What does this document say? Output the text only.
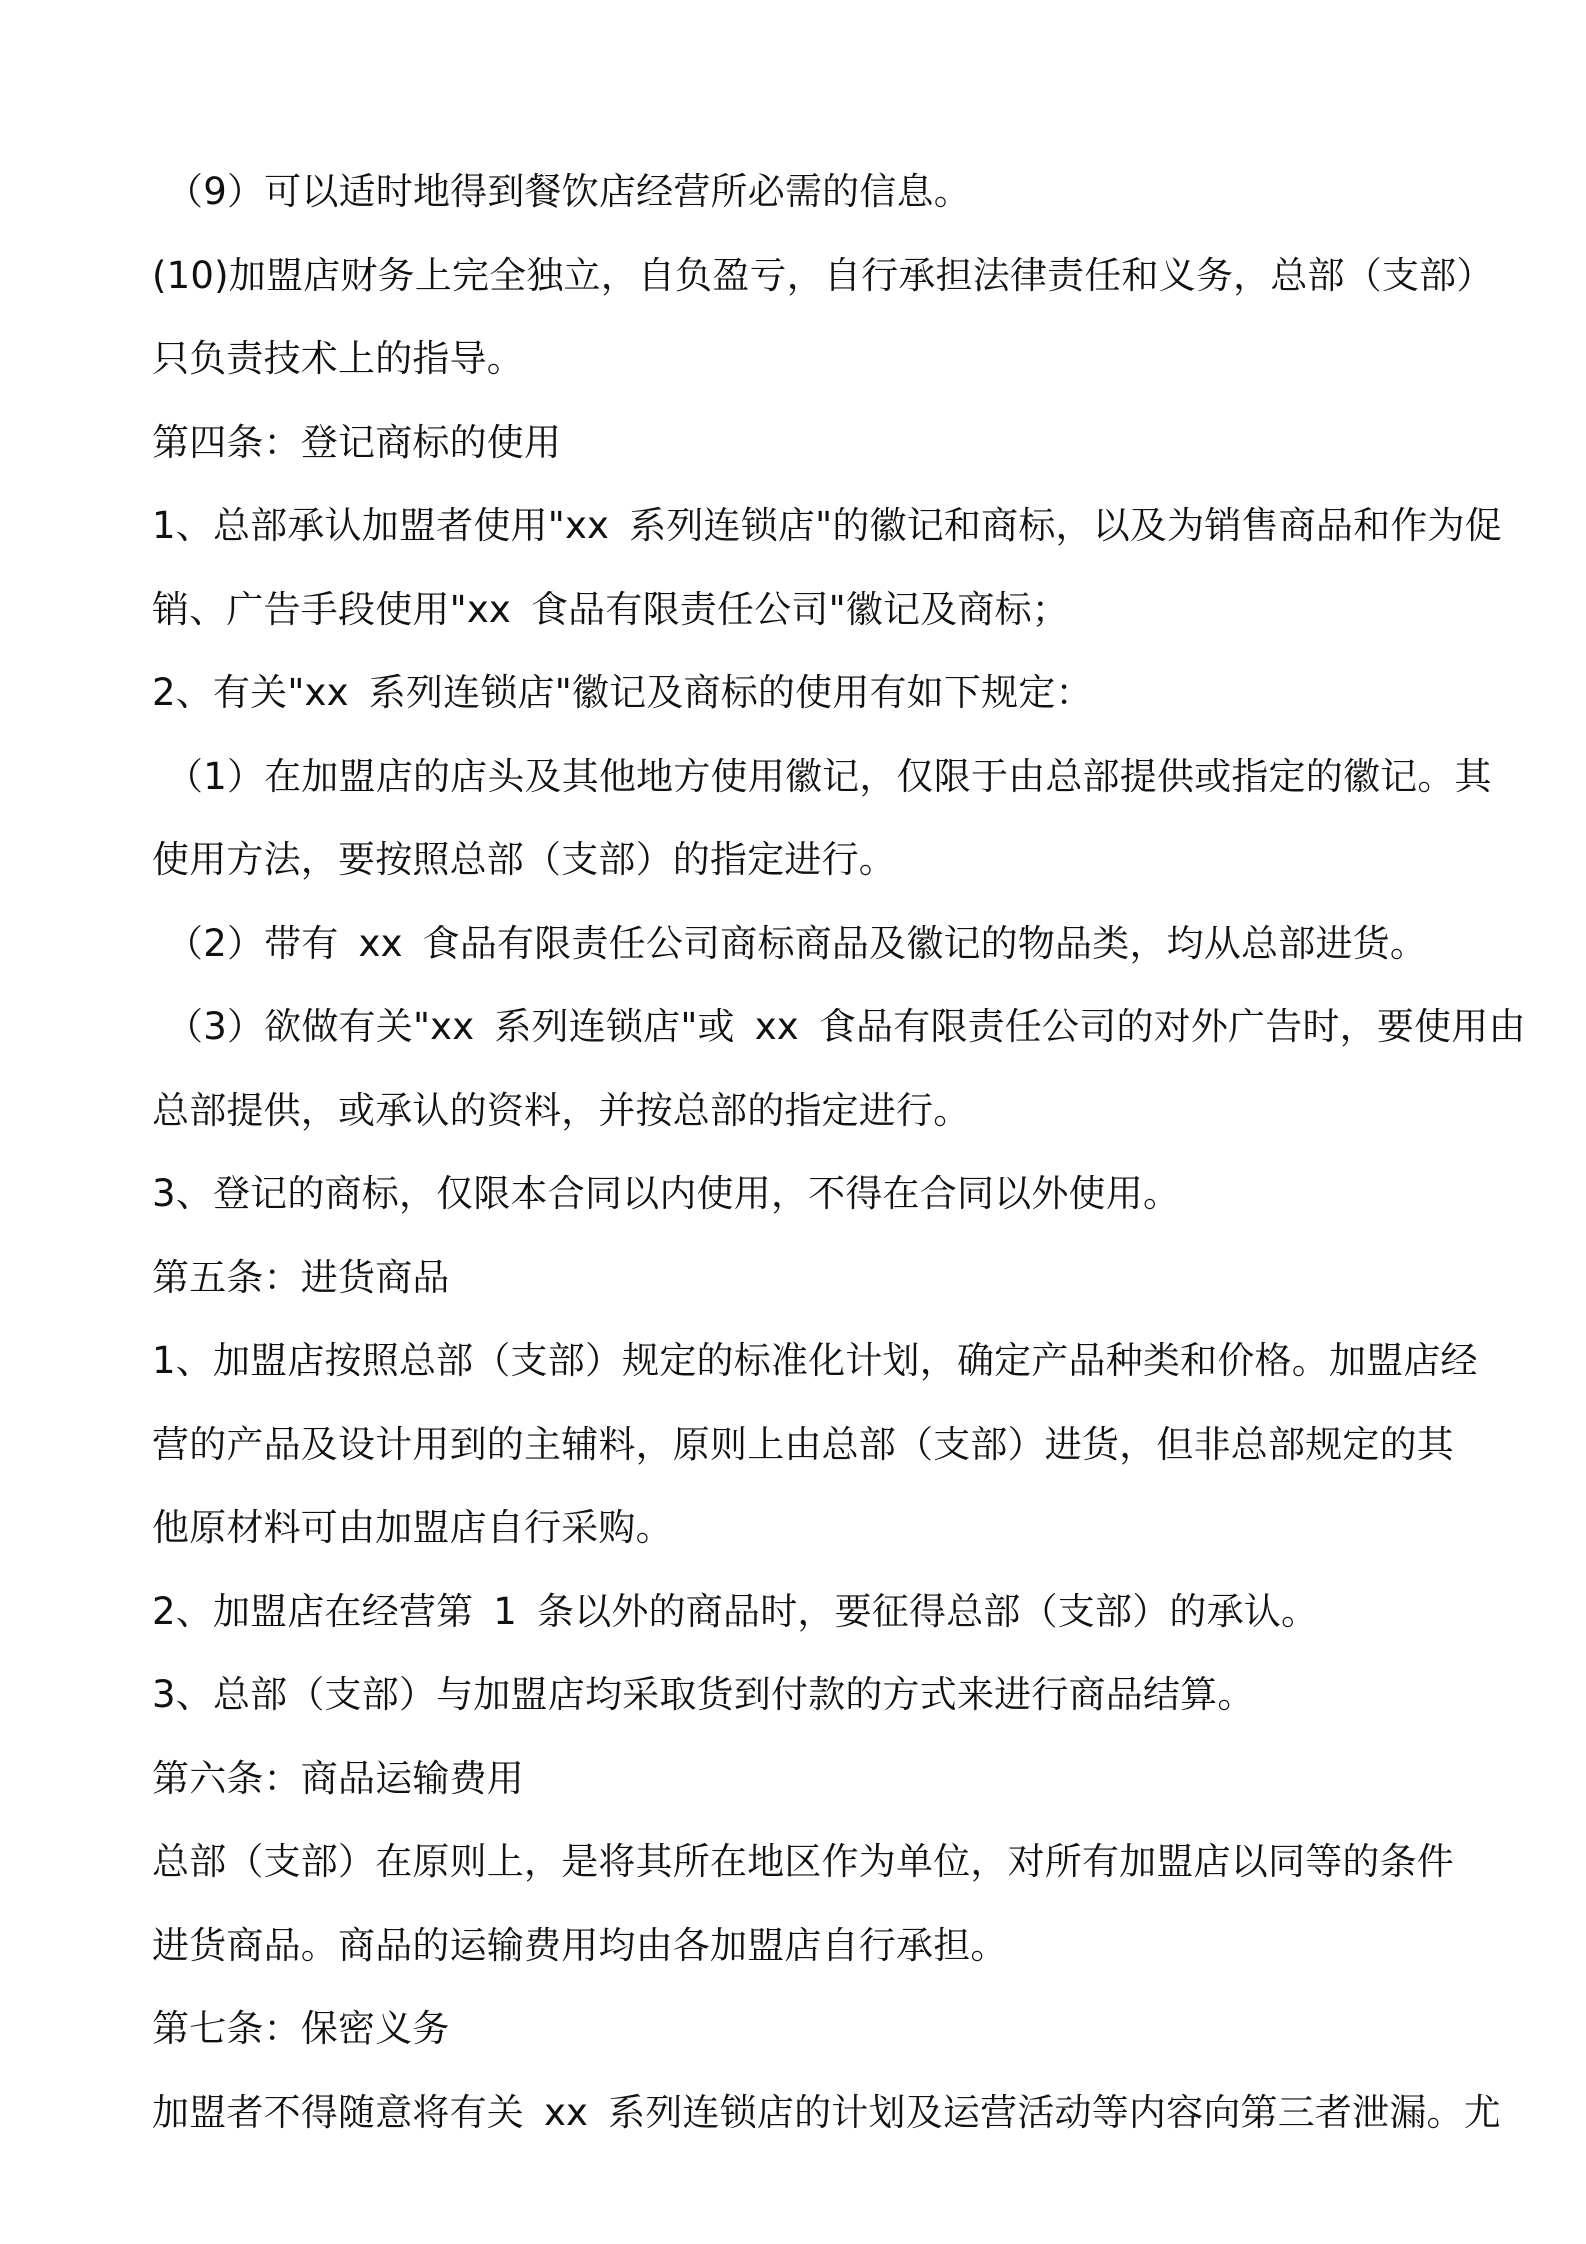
（9）可以适时地得到餐饮店经营所必需的信息。
(10)加盟店财务上完全独立，自负盈亏，自行承担法律责任和义务，总部（支部）
只负责技术上的指导。
第四条：登记商标的使用
1、总部承认加盟者使用"xx 系列连锁店"的徽记和商标，以及为销售商品和作为促
销、广告手段使用"xx 食品有限责任公司"徽记及商标；
2、有关"xx 系列连锁店"徽记及商标的使用有如下规定：
（1）在加盟店的店头及其他地方使用徽记，仅限于由总部提供或指定的徽记。其
使用方法，要按照总部（支部）的指定进行。
（2）带有 xx 食品有限责任公司商标商品及徽记的物品类，均从总部进货。
（3）欲做有关"xx 系列连锁店"或 xx 食品有限责任公司的对外广告时，要使用由
总部提供，或承认的资料，并按总部的指定进行。
3、登记的商标，仅限本合同以内使用，不得在合同以外使用。
第五条：进货商品
1、加盟店按照总部（支部）规定的标准化计划，确定产品种类和价格。加盟店经
营的产品及设计用到的主辅料，原则上由总部（支部）进货，但非总部规定的其
他原材料可由加盟店自行采购。
2、加盟店在经营第 1 条以外的商品时，要征得总部（支部）的承认。
3、总部（支部）与加盟店均采取货到付款的方式来进行商品结算。
第六条：商品运输费用
总部（支部）在原则上，是将其所在地区作为单位，对所有加盟店以同等的条件
进货商品。商品的运输费用均由各加盟店自行承担。
第七条：保密义务
加盟者不得随意将有关 xx 系列连锁店的计划及运营活动等内容向第三者泄漏。尤
